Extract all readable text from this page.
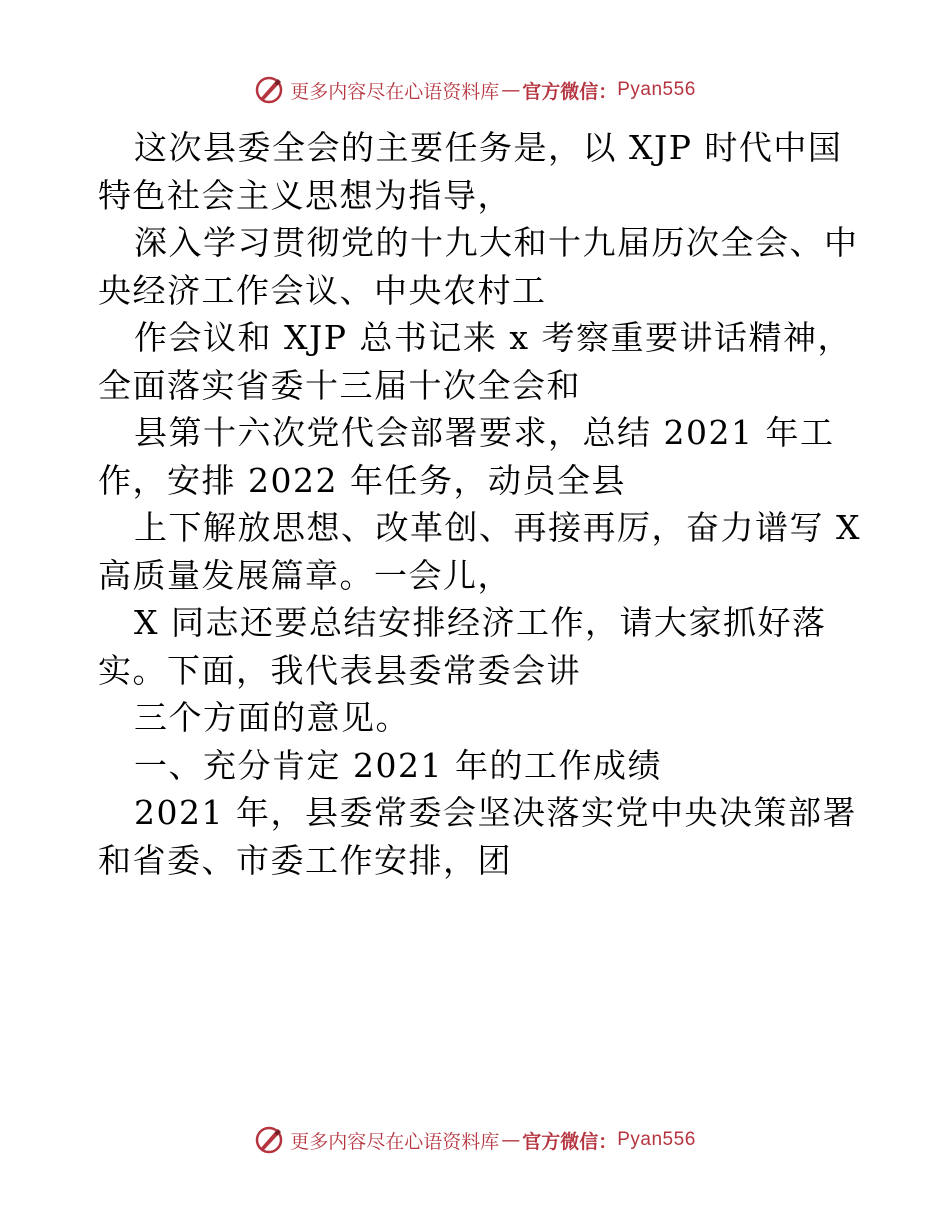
更多内容尽在心语资料库 — 官方微信： Pyan556
这次县委全会的主要任务是，以 XJP 时代中国
特色社会主义思想为指导，
深入学习贯彻党的十九大和十九届历次全会、中
央经济工作会议、中央农村工
作会议和 XJP 总书记来 x 考察重要讲话精神，
全面落实省委十三届十次全会和
县第十六次党代会部署要求，总结 2021 年工
作，安排 2022 年任务，动员全县
上下解放思想、改革创、再接再厉，奋力谱写 X
高质量发展篇章。一会儿，
X 同志还要总结安排经济工作，请大家抓好落
实。下面，我代表县委常委会讲
三个方面的意见。
一、充分肯定 2021 年的工作成绩
2021 年，县委常委会坚决落实党中央决策部署
和省委、市委工作安排，团
更多内容尽在心语资料库 — 官方微信： Pyan556
